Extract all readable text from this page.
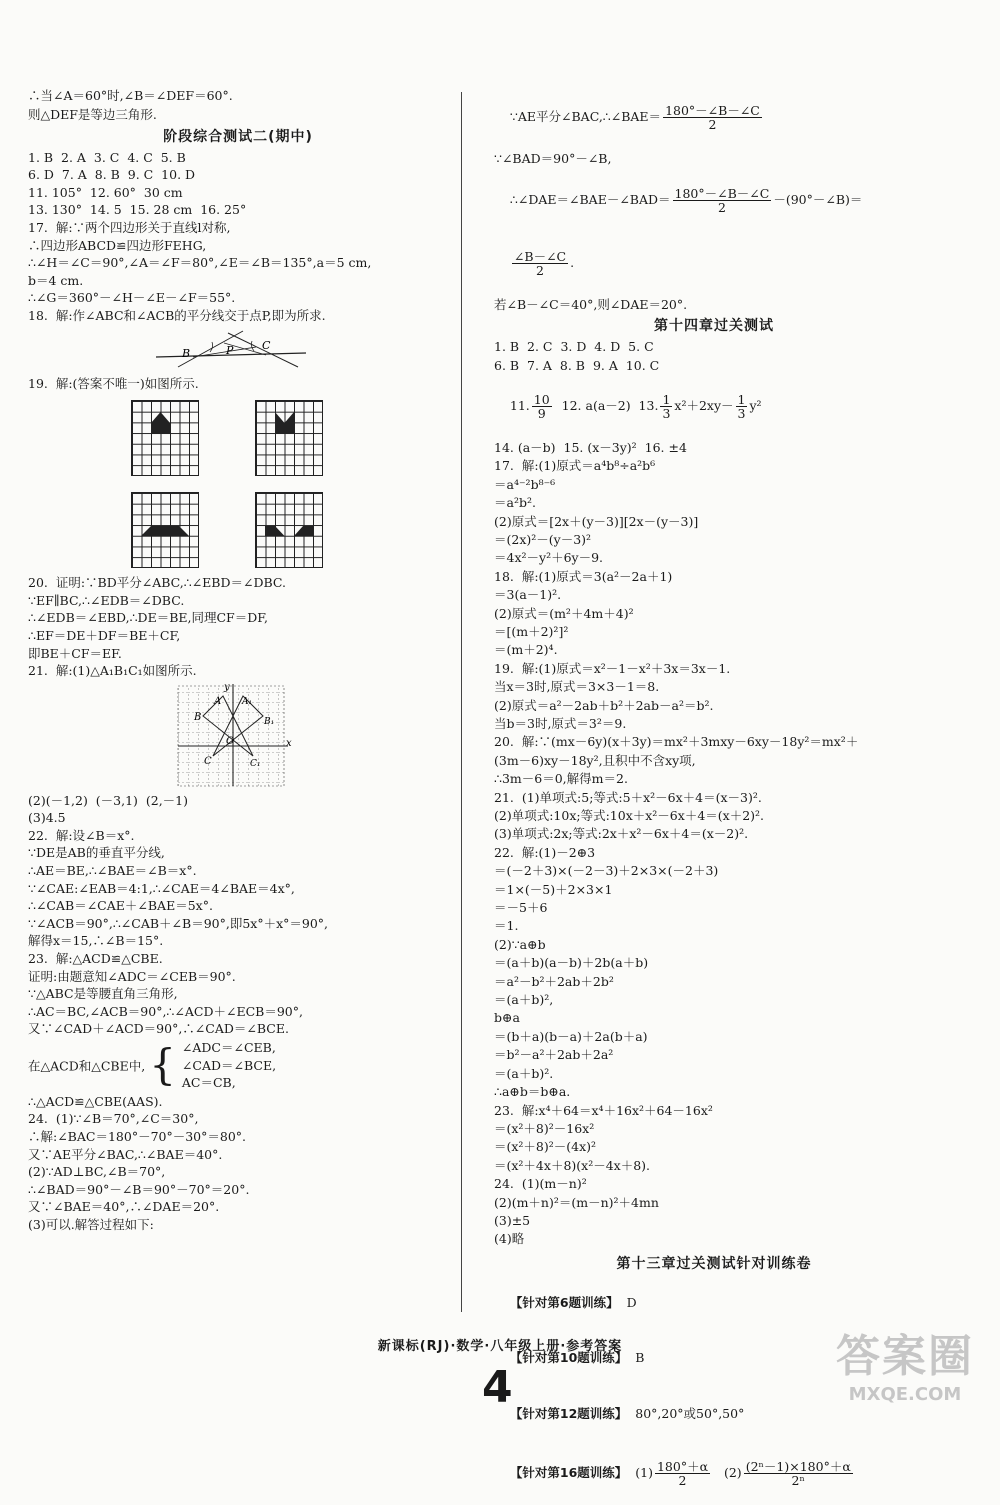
∴当∠A＝60°时,∠B＝∠DEF＝60°.
则△DEF是等边三角形.
阶段综合测试二(期中)
1. B  2. A  3. C  4. C  5. B
6. D  7. A  8. B  9. C  10. D
11. 105°  12. 60°  30 cm
13. 130°  14. 5  15. 28 cm  16. 25°
17.  解:∵两个四边形关于直线l对称,
∴四边形ABCD≌四边形FEHG,
∴∠H＝∠C＝90°,∠A＝∠F＝80°,∠E＝∠B＝135°,a＝5 cm,
b＝4 cm.
∴∠G＝360°－∠H－∠E－∠F＝55°.
18.  解:作∠ABC和∠ACB的平分线交于点P,即为所求.
B	P	C
19.  解:(答案不唯一)如图所示.
20.  证明:∵BD平分∠ABC,∴∠EBD＝∠DBC.
∵EF∥BC,∴∠EDB＝∠DBC.
∴∠EDB＝∠EBD,∴DE＝BE,同理CF＝DF,
∴EF＝DE＋DF＝BE＋CF,
即BE＋CF＝EF.
21.  解:(1)△A₁B₁C₁如图所示.
y
x
A
B
C
O
A₁
B₁
C₁
(2)(－1,2)  (－3,1)  (2,－1)
(3)4.5
22.  解:设∠B＝x°.
∵DE是AB的垂直平分线,
∴AE＝BE,∴∠BAE＝∠B＝x°.
∵∠CAE:∠EAB＝4:1,∴∠CAE＝4∠BAE＝4x°,
∴∠CAB＝∠CAE＋∠BAE＝5x°.
∵∠ACB＝90°,∴∠CAB＋∠B＝90°,即5x°＋x°＝90°,
解得x＝15,∴∠B＝15°.
23.  解:△ACD≌△CBE.
证明:由题意知∠ADC＝∠CEB＝90°.
∵△ABC是等腰直角三角形,
∴AC＝BC,∠ACB＝90°,∴∠ACD＋∠ECB＝90°,
又∵∠CAD＋∠ACD＝90°,∴∠CAD＝∠BCE.
在△ACD和△CBE中, { ∠ADC＝∠CEB,
∠CAD＝∠BCE,
AC＝CB,
∴△ACD≌△CBE(AAS).
24.  (1)∵∠B＝70°,∠C＝30°,
∴解:∠BAC＝180°－70°－30°＝80°.
又∵AE平分∠BAC,∴∠BAE＝40°.
(2)∵AD⊥BC,∠B＝70°,
∴∠BAD＝90°－∠B＝90°－70°＝20°.
又∵∠BAE＝40°,∴∠DAE＝20°.
(3)可以.解答过程如下:

∵AE平分∠BAC,∴∠BAE＝ $\frac{180^\circ-\angle B-\angle C}{2}$

∵∠BAD＝90°－∠B,

∴∠DAE＝∠BAE－∠BAD＝ $\frac{180^\circ-\angle B-\angle C}{2}$ －(90°－∠B)＝

$\frac{\angle B-\angle C}{2}$ .

若∠B－∠C＝40°,则∠DAE＝20°.
第十四章过关测试
1. B  2. C  3. D  4. D  5. C
6. B  7. A  8. B  9. A  10. C

11. $\frac{10}{9} 12$. a(a－2)  13. $\frac{1}{3} x^2+2xy- \frac{1}{3} y^2$

14. (a－b)  15. (x－3y)²  16. ±4
17.  解:(1)原式＝a⁴b⁸÷a²b⁶
＝a⁴⁻²b⁸⁻⁶
＝a²b².
(2)原式＝[2x＋(y－3)][2x－(y－3)]
＝(2x)²－(y－3)²
＝4x²－y²＋6y－9.
18.  解:(1)原式＝3(a²－2a＋1)
＝3(a－1)².
(2)原式＝(m²＋4m＋4)²
＝[(m＋2)²]²
＝(m＋2)⁴.
19.  解:(1)原式＝x²－1－x²＋3x＝3x－1.
当x＝3时,原式＝3×3－1＝8.
(2)原式＝a²－2ab＋b²＋2ab－a²＝b².
当b＝3时,原式＝3²＝9.
20.  解:∵(mx－6y)(x＋3y)＝mx²＋3mxy－6xy－18y²＝mx²＋
(3m－6)xy－18y²,且积中不含xy项,
∴3m－6＝0,解得m＝2.
21.  (1)单项式:5;等式:5＋x²－6x＋4＝(x－3)².
(2)单项式:10x;等式:10x＋x²－6x＋4＝(x＋2)².
(3)单项式:2x;等式:2x＋x²－6x＋4＝(x－2)².
22.  解:(1)－2⊕3
＝(－2＋3)×(－2－3)＋2×3×(－2＋3)
＝1×(－5)＋2×3×1
＝－5＋6
＝1.
(2)∵a⊕b
＝(a＋b)(a－b)＋2b(a＋b)
＝a²－b²＋2ab＋2b²
＝(a＋b)²,
b⊕a
＝(b＋a)(b－a)＋2a(b＋a)
＝b²－a²＋2ab＋2a²
＝(a＋b)².
∴a⊕b＝b⊕a.
23.  解:x⁴＋64＝x⁴＋16x²＋64－16x²
＝(x²＋8)²－16x²
＝(x²＋8)²－(4x)²
＝(x²＋4x＋8)(x²－4x＋8).
24.  (1)(m－n)²
(2)(m＋n)²＝(m－n)²＋4mn
(3)±5
(4)略
第十三章过关测试针对训练卷

【针对第6题训练】 D

【针对第10题训练】 B

【针对第12题训练】 80°,20°或50°,50°

【针对第16题训练】 $(1) \frac{180^\circ+\alpha}{2} (2) \frac{\text{(2ⁿ－1)×180°＋α}}{\text{2ⁿ}}$

新课标(RJ)·数学·八年级上册·参考答案
4
答案圈
MXQE.COM
